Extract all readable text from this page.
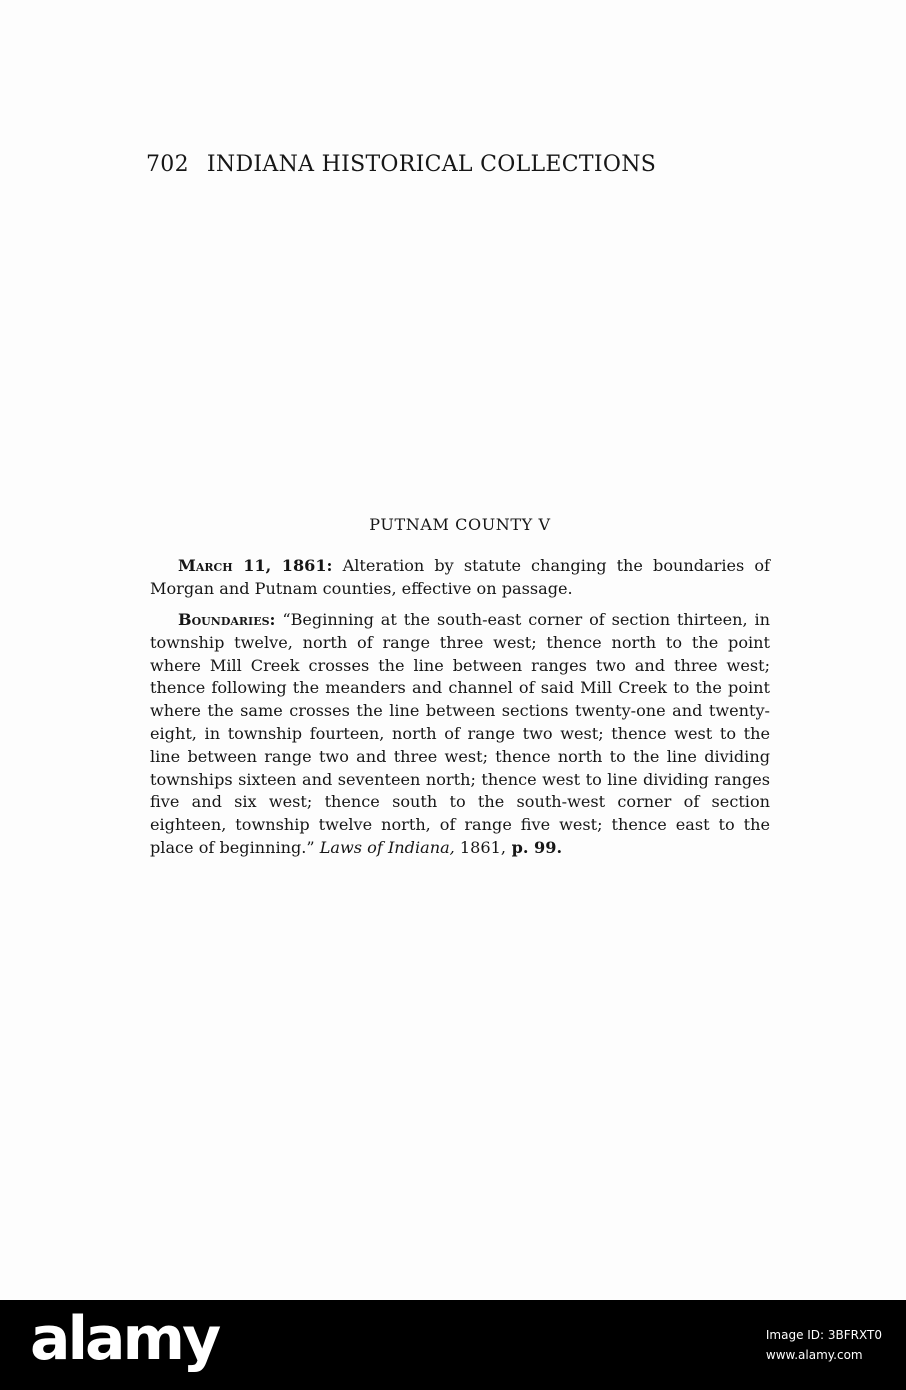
702 INDIANA HISTORICAL COLLECTIONS
PUTNAM COUNTY V

March 11, 1861: Alteration by statute changing the boundaries of Morgan and Putnam counties, effective on passage.

Boundaries: “Beginning at the south-east corner of section thirteen, in township twelve, north of range three west; thence north to the point where Mill Creek crosses the line between ranges two and three west; thence following the meanders and channel of said Mill Creek to the point where the same crosses the line between sections twenty-one and twenty-eight, in township fourteen, north of range two west; thence west to the line between range two and three west; thence north to the line dividing townships sixteen and seventeen north; thence west to line dividing ranges five and six west; thence south to the south-west corner of section eighteen, township twelve north, of range five west; thence east to the place of beginning.” Laws of Indiana, 1861, p. 99.

alamy	Image ID: 3BFRXT0
www.alamy.com
